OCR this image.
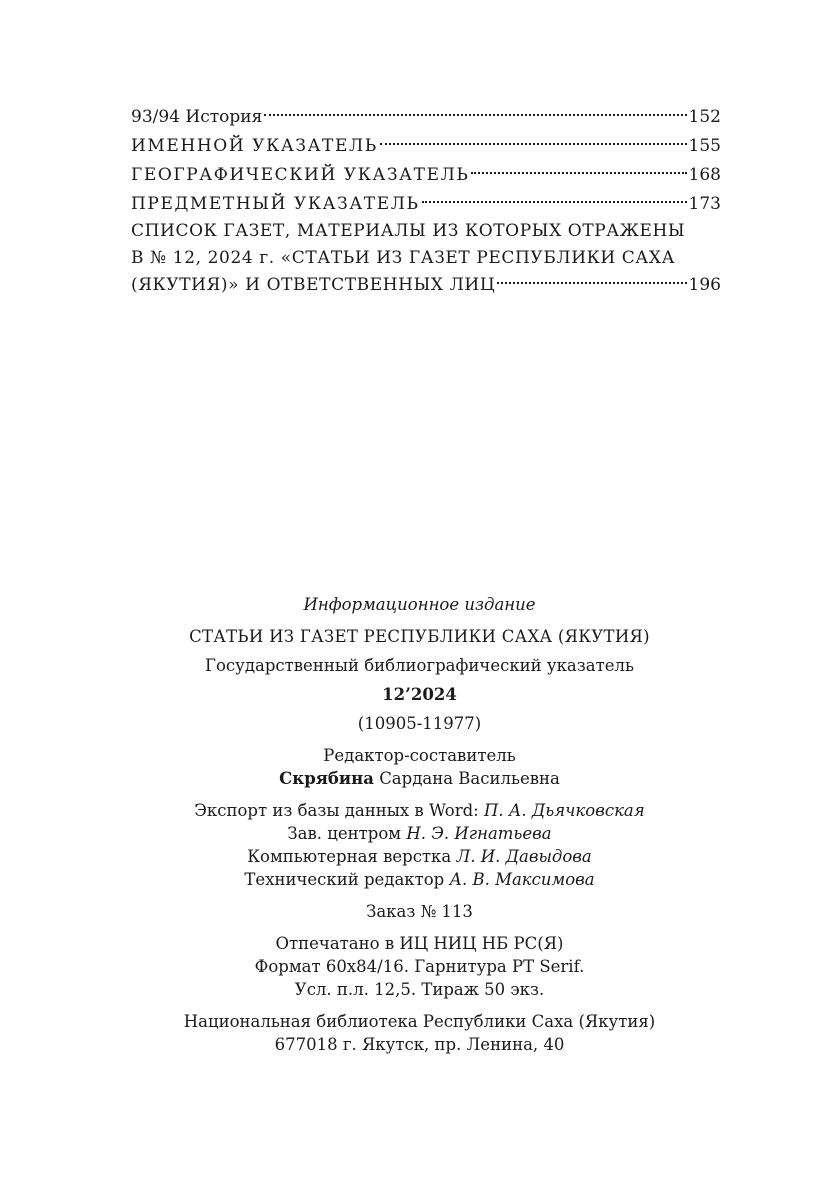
93/94 История	152
ИМЕННОЙ УКАЗАТЕЛЬ	155
ГЕОГРАФИЧЕСКИЙ УКАЗАТЕЛЬ	168
ПРЕДМЕТНЫЙ УКАЗАТЕЛЬ	173
СПИСОК ГАЗЕТ, МАТЕРИАЛЫ ИЗ КОТОРЫХ ОТРАЖЕНЫ
В № 12, 2024 г. «СТАТЬИ ИЗ ГАЗЕТ РЕСПУБЛИКИ САХА
(ЯКУТИЯ)» И ОТВЕТСТВЕННЫХ ЛИЦ	196
Информационное издание
СТАТЬИ ИЗ ГАЗЕТ РЕСПУБЛИКИ САХА (ЯКУТИЯ)
Государственный библиографический указатель
12’2024
(10905-11977)
Редактор-составитель
Скрябина Сардана Васильевна
Экспорт из базы данных в Word: П. А. Дьячковская
Зав. центром Н. Э. Игнатьева
Компьютерная верстка Л. И. Давыдова
Технический редактор А. В. Максимова
Заказ № 113
Отпечатано в ИЦ НИЦ НБ РС(Я)
Формат 60х84/16. Гарнитура PT Serif.
Усл. п.л. 12,5. Тираж 50 экз.
Национальная библиотека Республики Саха (Якутия)
677018 г. Якутск, пр. Ленина, 40
